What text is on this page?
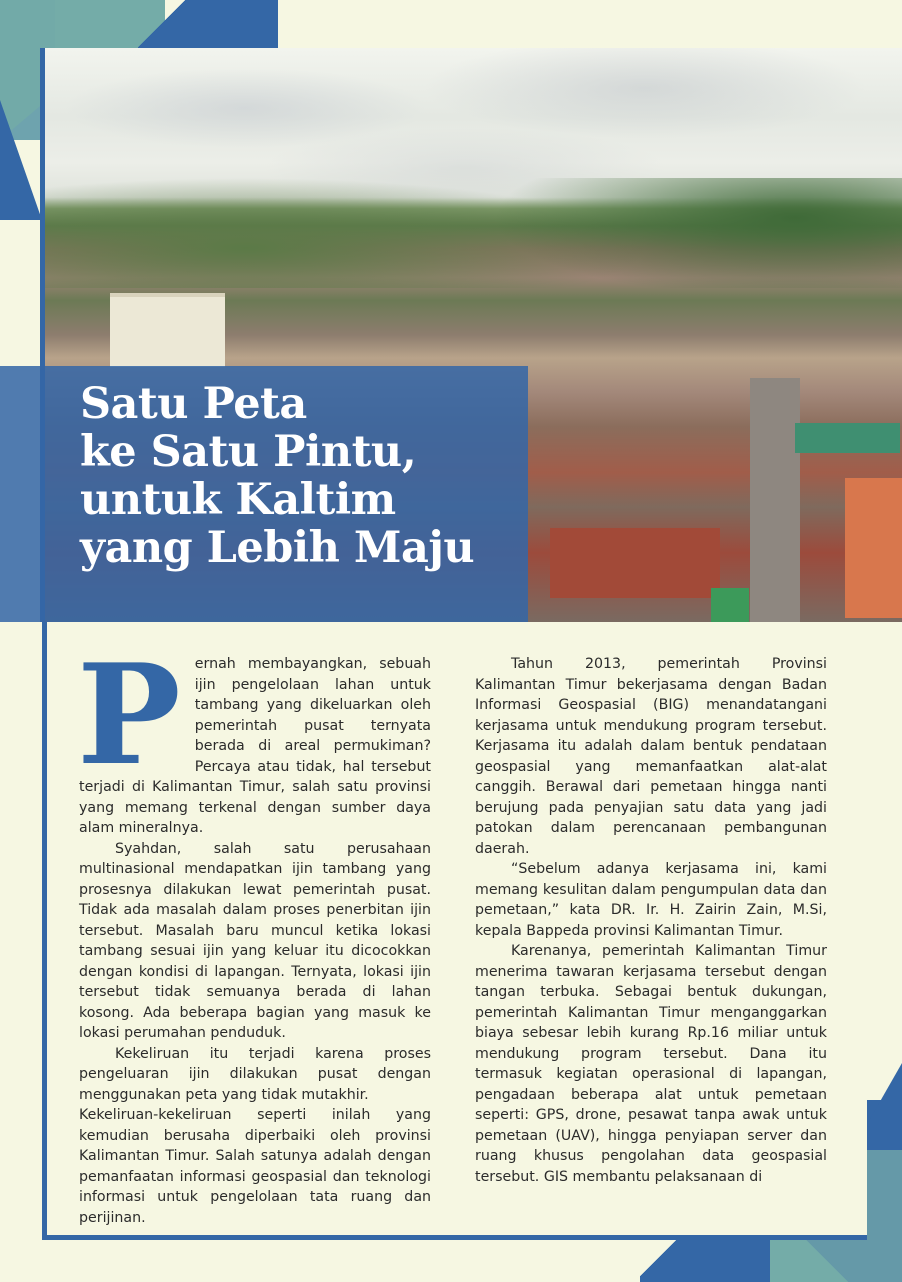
Satu Peta
ke Satu Pintu,
untuk Kaltim
yang Lebih Maju

Pernah membayangkan, sebuah ijin pengelolaan lahan untuk tambang yang dikeluarkan oleh pemerintah pusat ternyata berada di areal permukiman? Percaya atau tidak, hal tersebut terjadi di Kalimantan Timur, salah satu provinsi yang memang terkenal dengan sumber daya alam mineralnya.

Syahdan, salah satu perusahaan multinasional mendapatkan ijin tambang yang prosesnya dilakukan lewat pemerintah pusat. Tidak ada masalah dalam proses penerbitan ijin tersebut. Masalah baru muncul ketika lokasi tambang sesuai ijin yang keluar itu dicocokkan dengan kondisi di lapangan. Ternyata, lokasi ijin tersebut tidak semuanya berada di lahan kosong. Ada beberapa bagian yang masuk ke lokasi perumahan penduduk.

Kekeliruan itu terjadi karena proses pengeluaran ijin dilakukan pusat dengan menggunakan peta yang tidak mutakhir.

Kekeliruan-kekeliruan seperti inilah yang kemudian berusaha diperbaiki oleh provinsi Kalimantan Timur. Salah satunya adalah dengan pemanfaatan informasi geospasial dan teknologi informasi untuk pengelolaan tata ruang dan perijinan.

Tahun 2013, pemerintah Provinsi Kalimantan Timur bekerjasama dengan Badan Informasi Geospasial (BIG) menandatangani kerjasama untuk mendukung program tersebut. Kerjasama itu adalah dalam bentuk pendataan geospasial yang memanfaatkan alat-alat canggih. Berawal dari pemetaan hingga nanti berujung pada penyajian satu data yang jadi patokan dalam perencanaan pembangunan daerah.

“Sebelum adanya kerjasama ini, kami memang kesulitan dalam pengumpulan data dan pemetaan,” kata DR. Ir. H. Zairin Zain, M.Si, kepala Bappeda provinsi Kalimantan Timur.

Karenanya, pemerintah Kalimantan Timur menerima tawaran kerjasama tersebut dengan tangan terbuka. Sebagai bentuk dukungan, pemerintah Kalimantan Timur menganggarkan biaya sebesar lebih kurang Rp.16 miliar untuk mendukung program tersebut. Dana itu termasuk kegiatan operasional di lapangan, pengadaan beberapa alat untuk pemetaan seperti: GPS, drone, pesawat tanpa awak untuk pemetaan (UAV), hingga penyiapan server dan ruang khusus pengolahan data geospasial tersebut. GIS membantu pelaksanaan di
